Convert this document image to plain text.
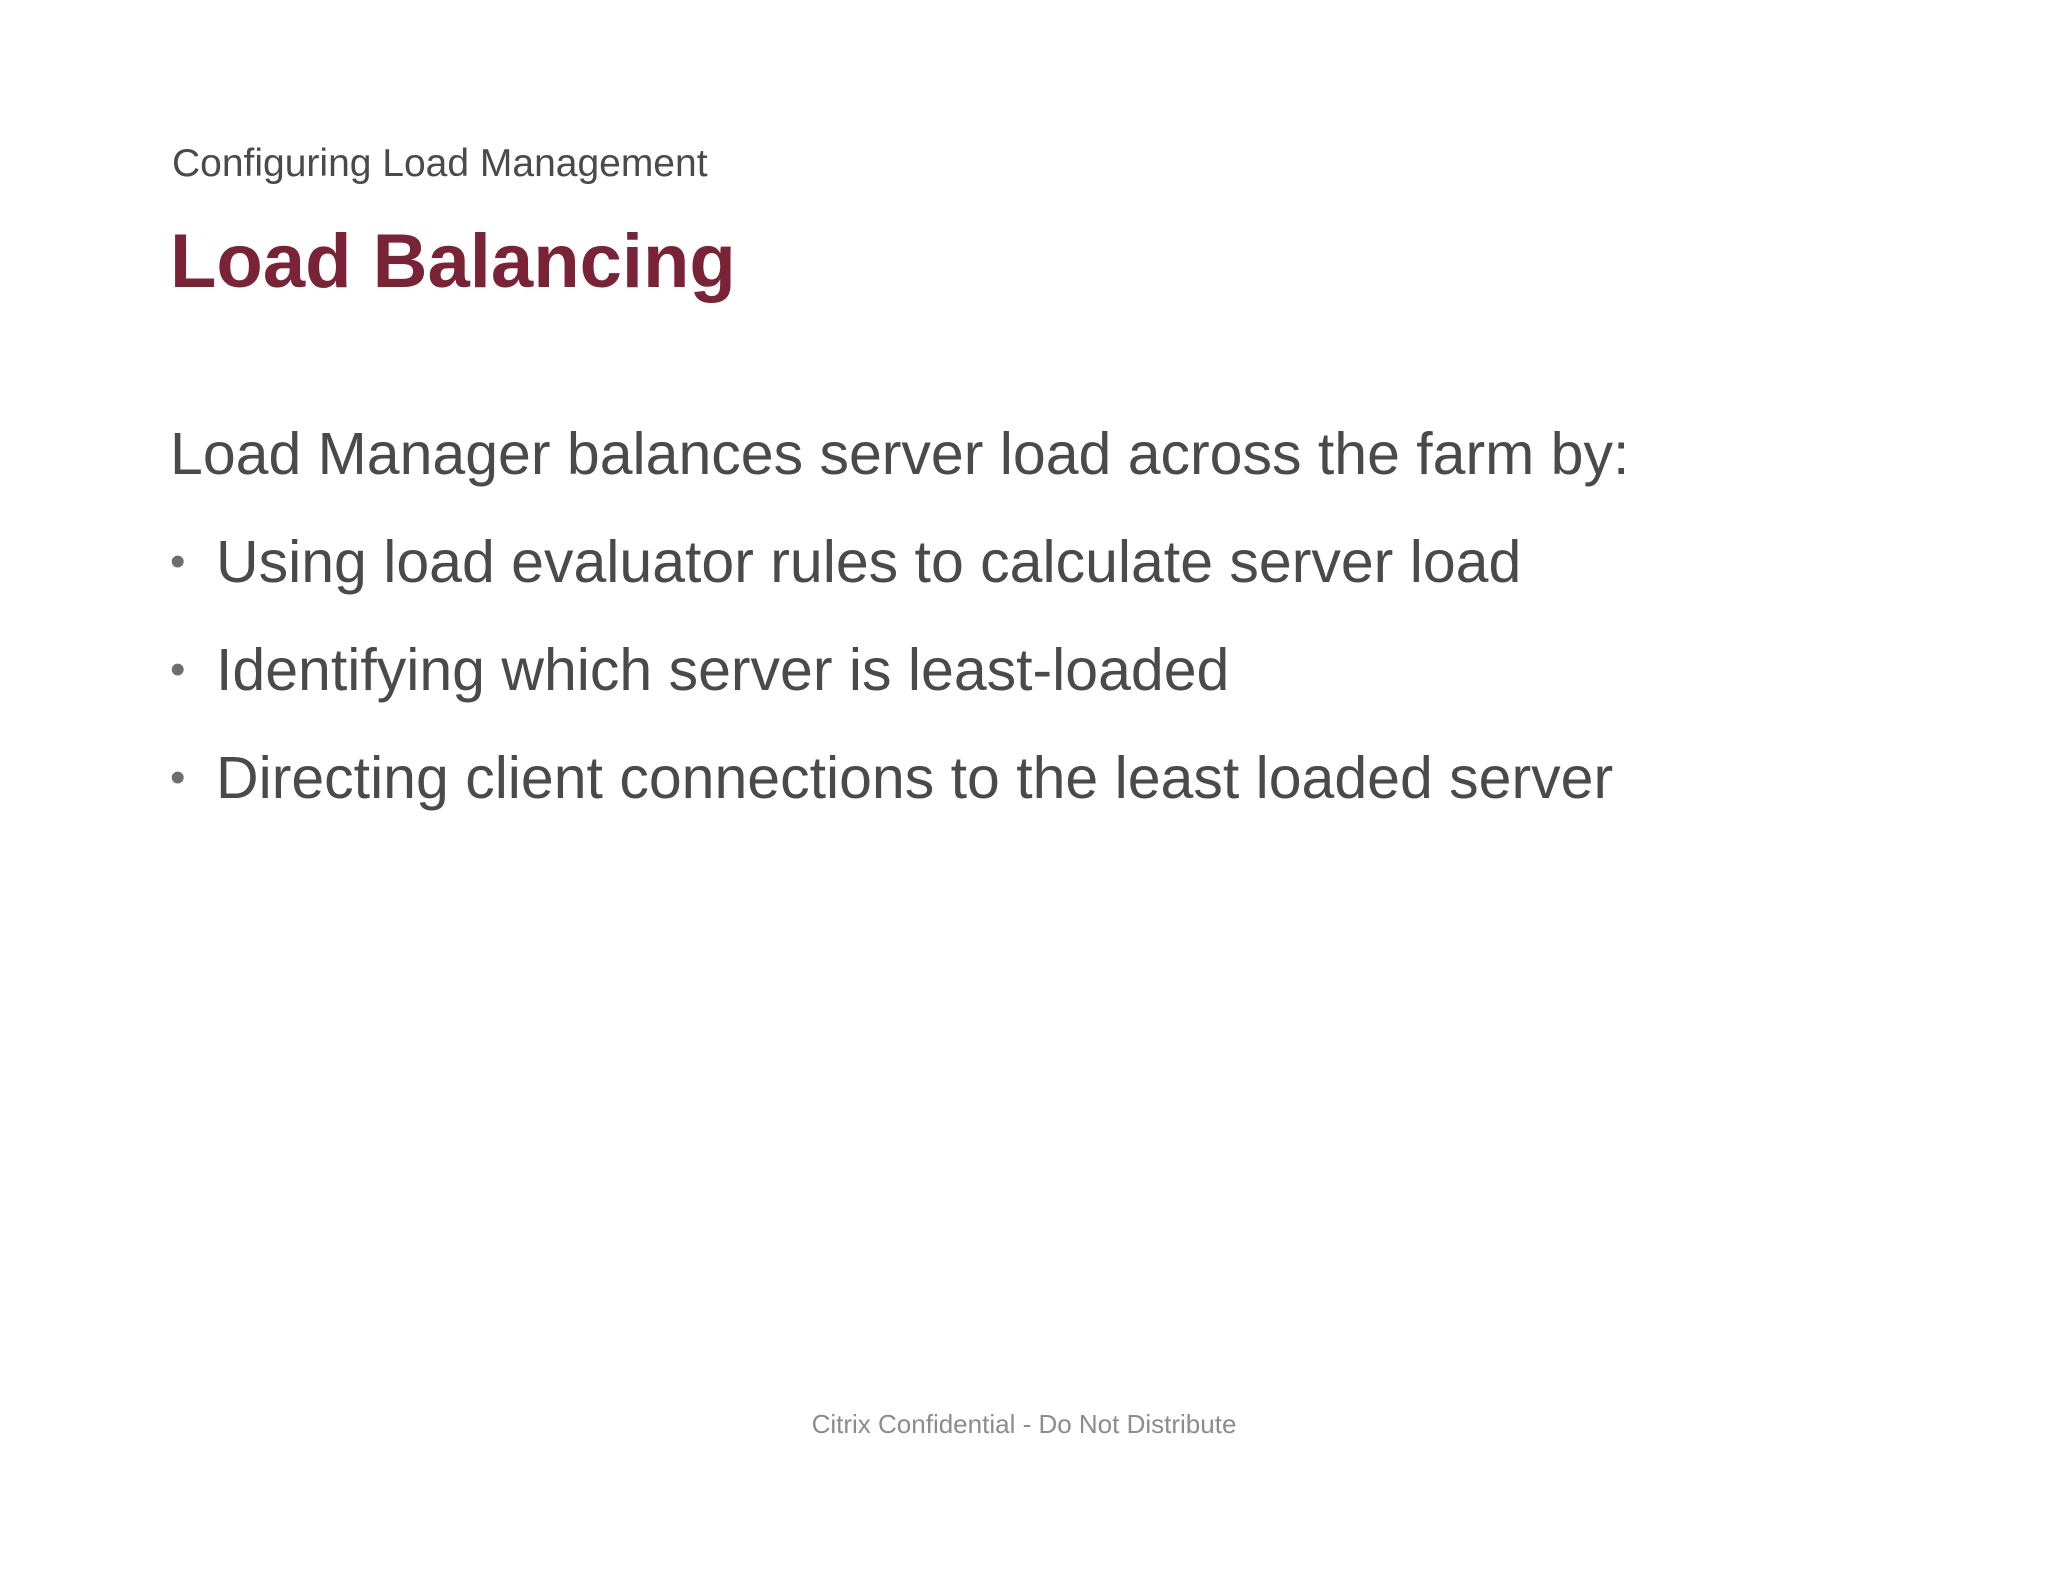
Configuring Load Management
Load Balancing
Load Manager balances server load across the farm by:
• Using load evaluator rules to calculate server load
• Identifying which server is least-loaded
• Directing client connections to the least loaded server
Citrix Confidential - Do Not Distribute
